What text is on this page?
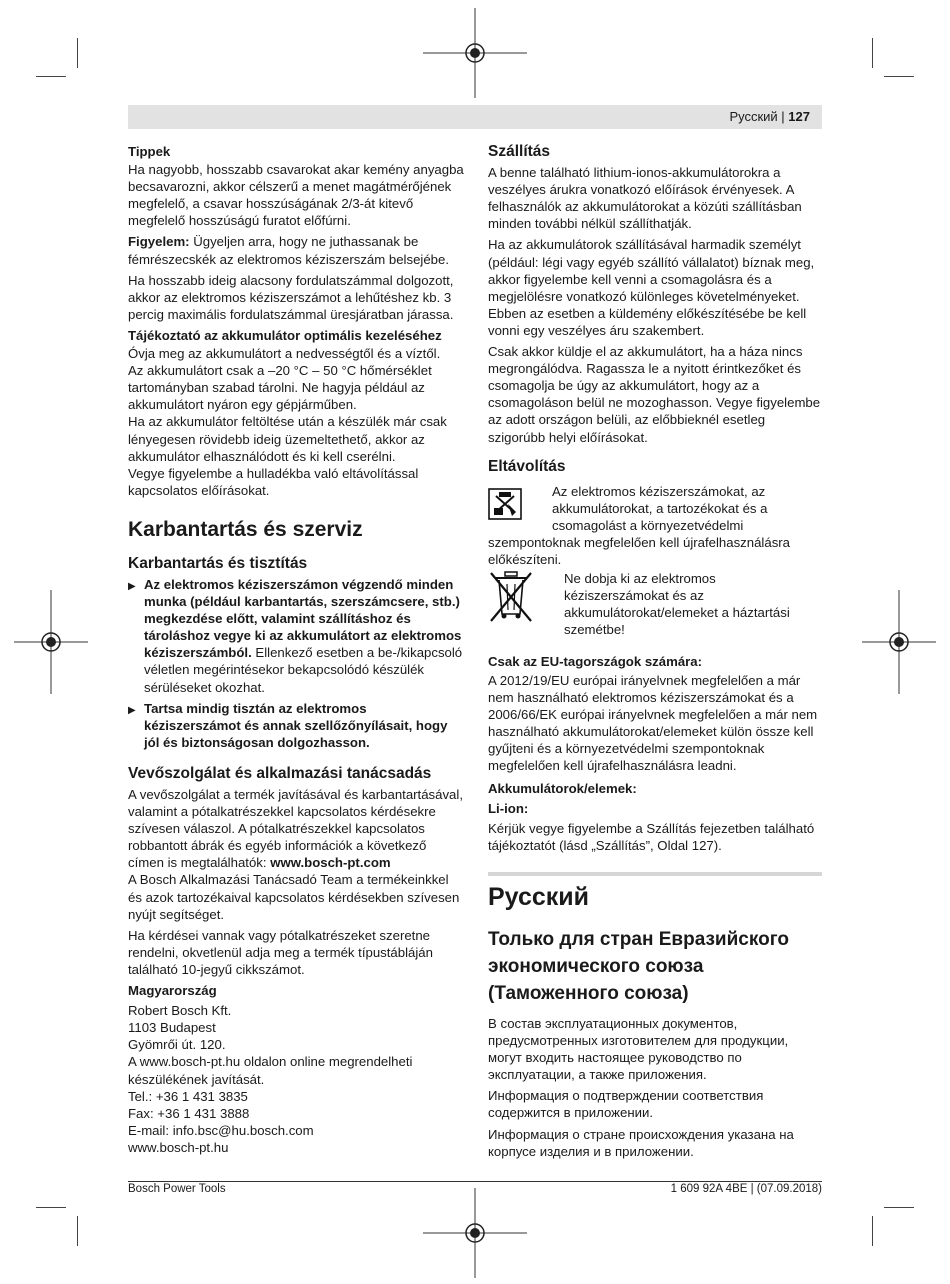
Русский | 127
Tippek

Ha nagyobb, hosszabb csavarokat akar kemény anyagba becsavarozni, akkor célszerű a menet magátmérőjének megfelelő, a csavar hosszúságának 2/3-át kitevő megfelelő hosszúságú furatot előfúrni.

Figyelem: Ügyeljen arra, hogy ne juthassanak be fémrészecskék az elektromos kéziszerszám belsejébe.

Ha hosszabb ideig alacsony fordulatszámmal dolgozott, akkor az elektromos kéziszerszámot a lehűtéshez kb. 3 percig maximális fordulatszámmal üresjáratban járassa.

Tájékoztató az akkumulátor optimális kezeléséhez
Óvja meg az akkumulátort a nedvességtől és a víztől.
Az akkumulátort csak a –20 °C – 50 °C hőmérséklet tartományban szabad tárolni. Ne hagyja például az akkumulátort nyáron egy gépjárműben.
Ha az akkumulátor feltöltése után a készülék már csak lényegesen rövidebb ideig üzemeltethető, akkor az akkumulátor elhasználódott és ki kell cserélni.
Vegye figyelembe a hulladékba való eltávolítással kapcsolatos előírásokat.
Karbantartás és szerviz
Karbantartás és tisztítás
▶ Az elektromos kéziszerszámon végzendő minden munka (például karbantartás, szerszámcsere, stb.) megkezdése előtt, valamint szállításhoz és tároláshoz vegye ki az akkumulátort az elektromos kéziszerszámból. Ellenkező esetben a be-/kikapcsoló véletlen megérintésekor bekapcsolódó készülék sérüléseket okozhat.
▶ Tartsa mindig tisztán az elektromos kéziszerszámot és annak szellőzőnyílásait, hogy jól és biztonságosan dolgozhasson.
Vevőszolgálat és alkalmazási tanácsadás
A vevőszolgálat a termék javításával és karbantartásával, valamint a pótalkatrészekkel kapcsolatos kérdésekre szívesen válaszol. A pótalkatrészekkel kapcsolatos robbantott ábrák és egyéb információk a következő címen is megtalálhatók: www.bosch-pt.com

A Bosch Alkalmazási Tanácsadó Team a termékeinkkel és azok tartozékaival kapcsolatos kérdésekben szívesen nyújt segítséget.

Ha kérdései vannak vagy pótalkatrészeket szeretne rendelni, okvetlenül adja meg a termék típustábláján található 10-jegyű cikkszámot.

Magyarország
Robert Bosch Kft.
1103 Budapest
Gyömrői út. 120.
A www.bosch-pt.hu oldalon online megrendelheti készülékének javítását.
Tel.: +36 1 431 3835
Fax: +36 1 431 3888
E-mail: info.bsc@hu.bosch.com
www.bosch-pt.hu
Szállítás

A benne található lithium-ionos-akkumulátorokra a veszélyes árukra vonatkozó előírások érvényesek. A felhasználók az akkumulátorokat a közúti szállításban minden további nélkül szállíthatják.

Ha az akkumulátorok szállításával harmadik személyt (például: légi vagy egyéb szállító vállalatot) bíznak meg, akkor figyelembe kell venni a csomagolásra és a megjelölésre vonatkozó különleges követelményeket. Ebben az esetben a küldemény előkészítésébe be kell vonni egy veszélyes áru szakembert.

Csak akkor küldje el az akkumulátort, ha a háza nincs megrongálódva. Ragassza le a nyitott érintkezőket és csomagolja be úgy az akkumulátort, hogy az a csomagoláson belül ne mozoghasson. Vegye figyelembe az adott országon belüli, az előbbieknél esetleg szigorúbb helyi előírásokat.

Eltávolítás
Az elektromos kéziszerszámokat, az akkumulátorokat, a tartozékokat és a csomagolást a környezetvédelmi szempontoknak megfelelően kell újrafelhasználásra előkészíteni.
Ne dobja ki az elektromos kéziszerszámokat és az akkumulátorokat/elemeket a háztartási szemétbe!
Csak az EU-tagországok számára:

A 2012/19/EU európai irányelvnek megfelelően a már nem használható elektromos kéziszerszámokat és a 2006/66/EK európai irányelvnek megfelelően a már nem használható akkumulátorokat/elemeket külön össze kell gyűjteni és a környezetvédelmi szempontoknak megfelelően kell újrafelhasználásra leadni.

Akkumulátorok/elemek:
Li-ion:

Kérjük vegye figyelembe a Szállítás fejezetben található tájékoztatót (lásd „Szállítás”, Oldal 127).

Русский
Только для стран Евразийского экономического союза (Таможенного союза)

В состав эксплуатационных документов, предусмотренных изготовителем для продукции, могут входить настоящее руководство по эксплуатации, а также приложения.

Информация о подтверждении соответствия содержится в приложении.

Информация о стране происхождения указана на корпусе изделия и в приложении.

Bosch Power Tools	1 609 92A 4BE | (07.09.2018)
